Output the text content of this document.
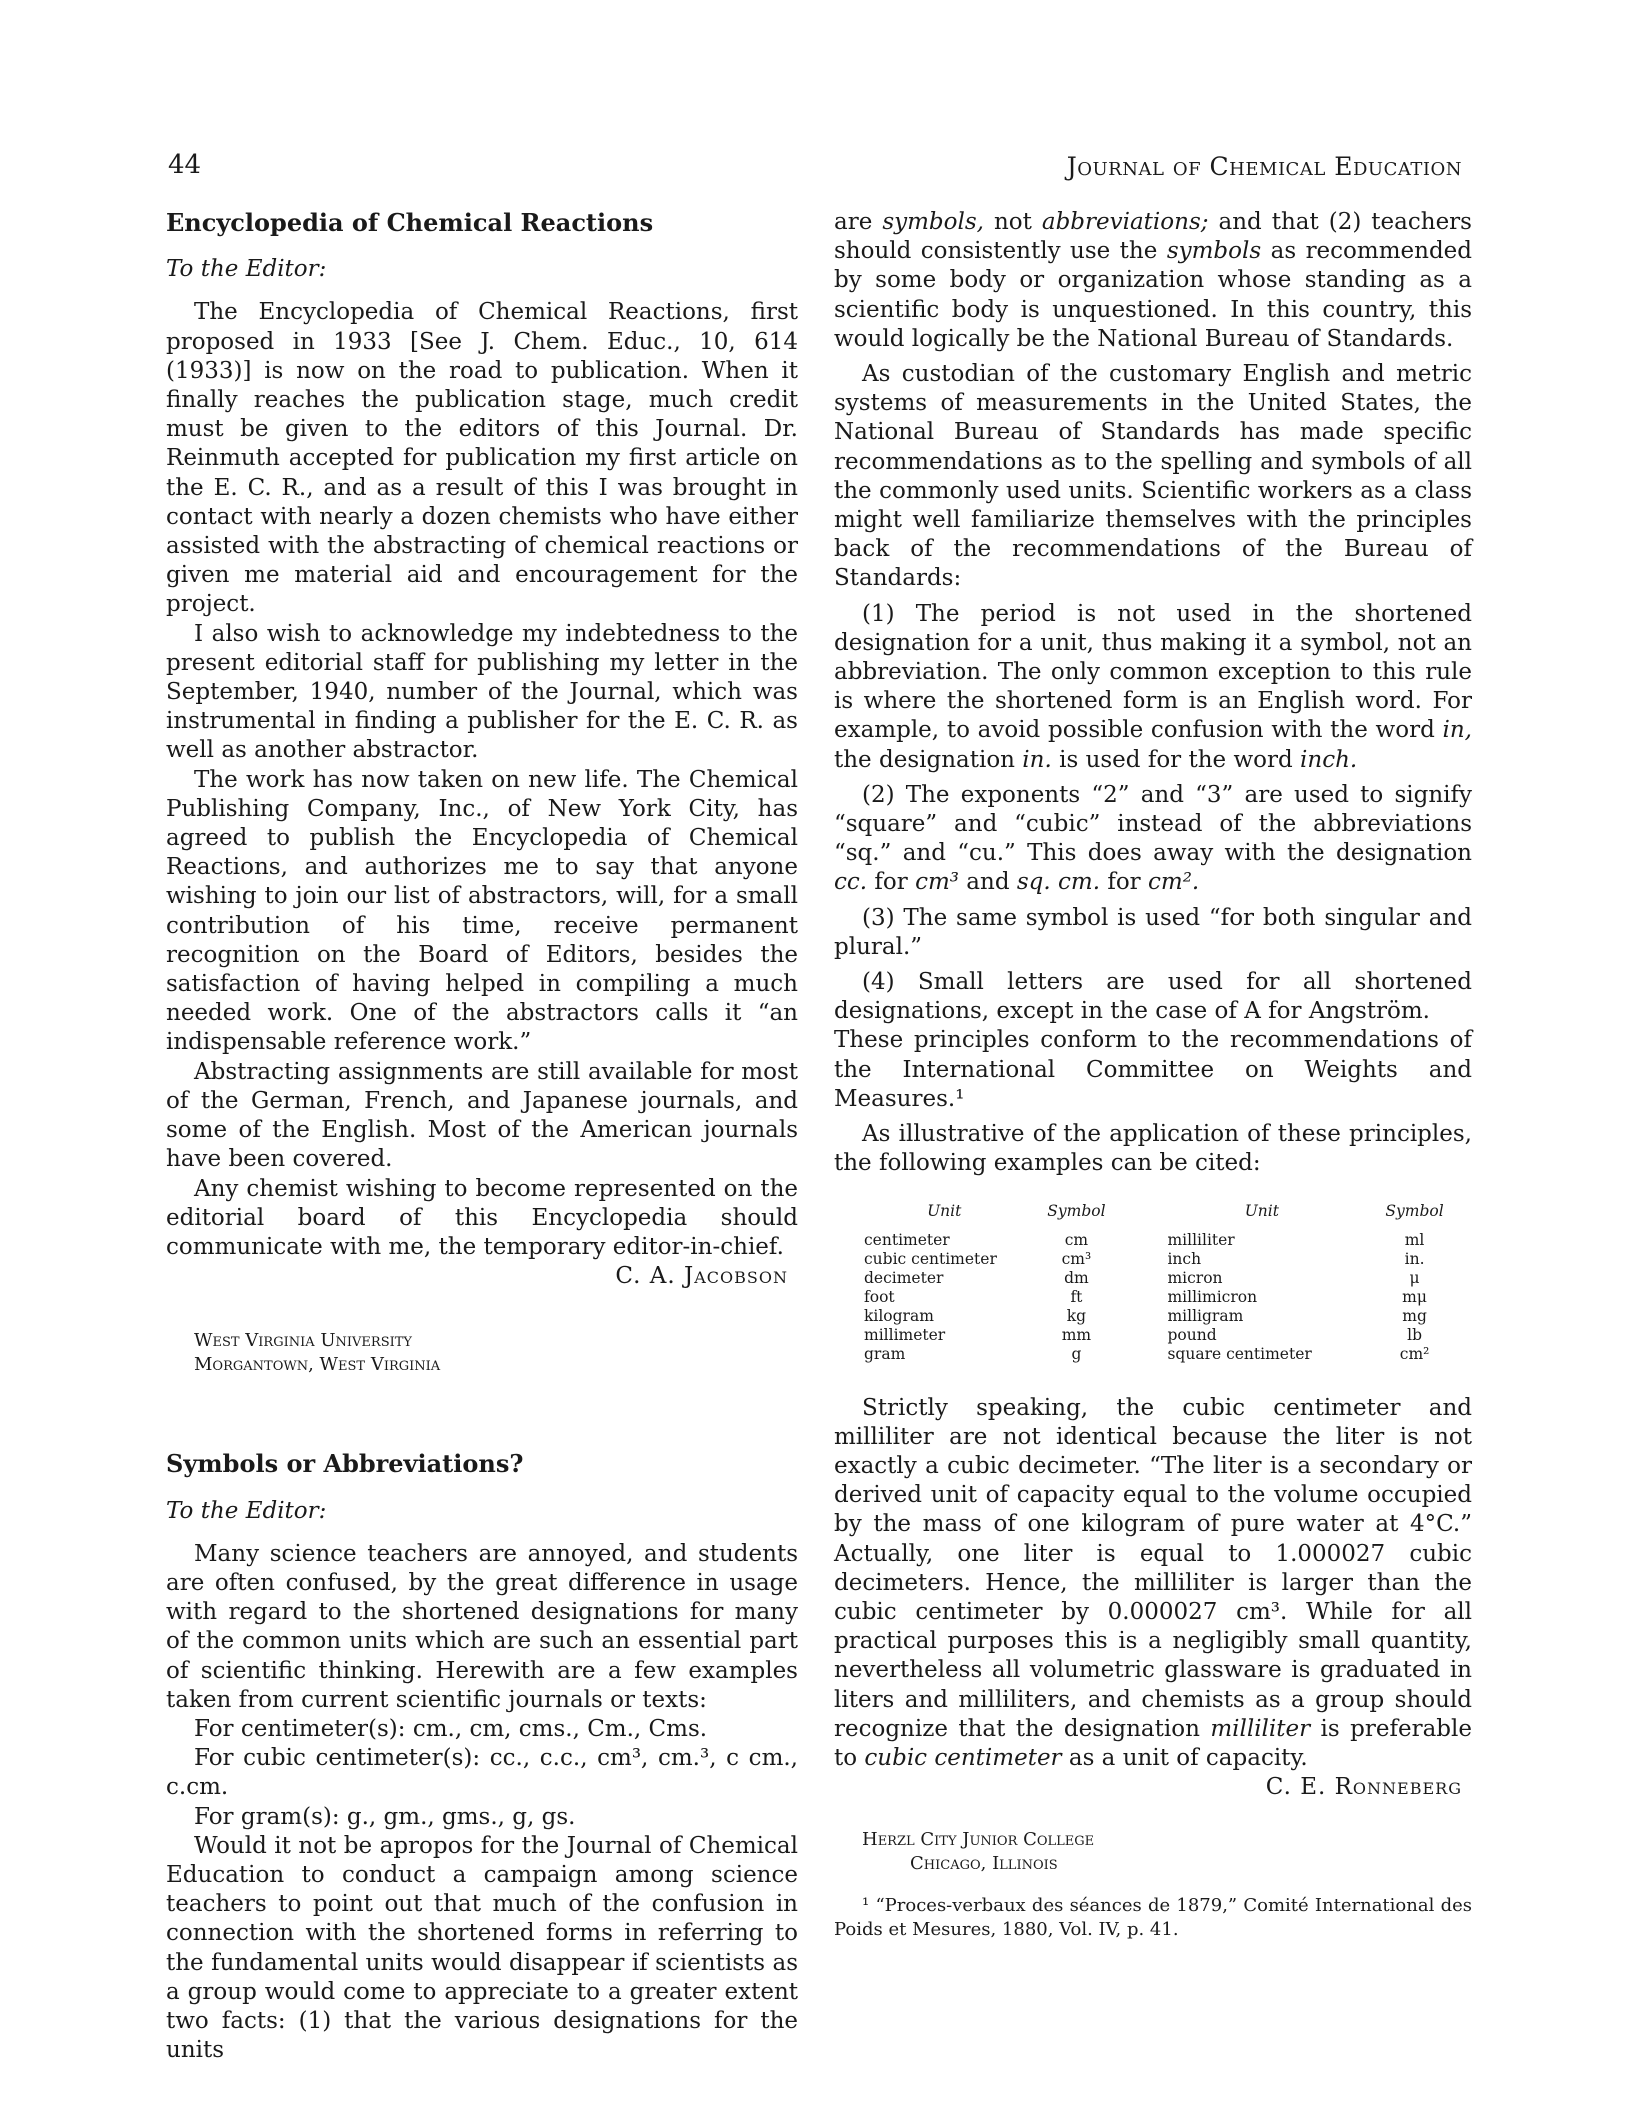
44	Journal of Chemical Education
Encyclopedia of Chemical Reactions
To the Editor:

The Encyclopedia of Chemical Reactions, first proposed in 1933 [See J. Chem. Educ., 10, 614 (1933)] is now on the road to publication. When it finally reaches the publication stage, much credit must be given to the editors of this Journal. Dr. Reinmuth accepted for publication my first article on the E. C. R., and as a result of this I was brought in contact with nearly a dozen chemists who have either assisted with the abstracting of chemical reactions or given me material aid and encouragement for the project.

I also wish to acknowledge my indebtedness to the present editorial staff for publishing my letter in the September, 1940, number of the Journal, which was instrumental in finding a publisher for the E. C. R. as well as another abstractor.

The work has now taken on new life. The Chemical Publishing Company, Inc., of New York City, has agreed to publish the Encyclopedia of Chemical Reactions, and authorizes me to say that anyone wishing to join our list of abstractors, will, for a small contribution of his time, receive permanent recognition on the Board of Editors, besides the satisfaction of having helped in compiling a much needed work. One of the abstractors calls it “an indispensable reference work.”

Abstracting assignments are still available for most of the German, French, and Japanese journals, and some of the English. Most of the American journals have been covered.

Any chemist wishing to become represented on the editorial board of this Encyclopedia should communicate with me, the temporary editor-in-chief.

C. A. Jacobson
West Virginia University
Morgantown, West Virginia
Symbols or Abbreviations?
To the Editor:

Many science teachers are annoyed, and students are often confused, by the great difference in usage with regard to the shortened designations for many of the common units which are such an essential part of scientific thinking. Herewith are a few examples taken from current scientific journals or texts:

For centimeter(s): cm., cm, cms., Cm., Cms.

For cubic centimeter(s): cc., c.c., cm³, cm.³, c cm., c.cm.

For gram(s): g., gm., gms., g, gs.

Would it not be apropos for the Journal of Chemical Education to conduct a campaign among science teachers to point out that much of the confusion in connection with the shortened forms in referring to the fundamental units would disappear if scientists as a group would come to appreciate to a greater extent two facts: (1) that the various designations for the units

are symbols, not abbreviations; and that (2) teachers should consistently use the symbols as recommended by some body or organization whose standing as a scientific body is unquestioned. In this country, this would logically be the National Bureau of Standards.

As custodian of the customary English and metric systems of measurements in the United States, the National Bureau of Standards has made specific recommendations as to the spelling and symbols of all the commonly used units. Scientific workers as a class might well familiarize themselves with the principles back of the recommendations of the Bureau of Standards:

(1) The period is not used in the shortened designation for a unit, thus making it a symbol, not an abbreviation. The only common exception to this rule is where the shortened form is an English word. For example, to avoid possible confusion with the word in, the designation in. is used for the word inch.

(2) The exponents “2” and “3” are used to signify “square” and “cubic” instead of the abbreviations “sq.” and “cu.” This does away with the designation cc. for cm³ and sq. cm. for cm².

(3) The same symbol is used “for both singular and plural.”

(4) Small letters are used for all shortened designations, except in the case of A for Angström.

These principles conform to the recommendations of the International Committee on Weights and Measures.¹

As illustrative of the application of these principles, the following examples can be cited:

Unit	Symbol	Unit	Symbol
centimeter	cm	milliliter	ml
cubic centimeter	cm³	inch	in.
decimeter	dm	micron	μ
foot	ft	millimicron	mμ
kilogram	kg	milligram	mg
millimeter	mm	pound	lb
gram	g	square centimeter	cm²

Strictly speaking, the cubic centimeter and milliliter are not identical because the liter is not exactly a cubic decimeter. “The liter is a secondary or derived unit of capacity equal to the volume occupied by the mass of one kilogram of pure water at 4°C.” Actually, one liter is equal to 1.000027 cubic decimeters. Hence, the milliliter is larger than the cubic centimeter by 0.000027 cm³. While for all practical purposes this is a negligibly small quantity, nevertheless all volumetric glassware is graduated in liters and milliliters, and chemists as a group should recognize that the designation milliliter is preferable to cubic centimeter as a unit of capacity.

C. E. Ronneberg
Herzl City Junior College
Chicago, Illinois

¹ “Proces-verbaux des séances de 1879,” Comité International des Poids et Mesures, 1880, Vol. IV, p. 41.
